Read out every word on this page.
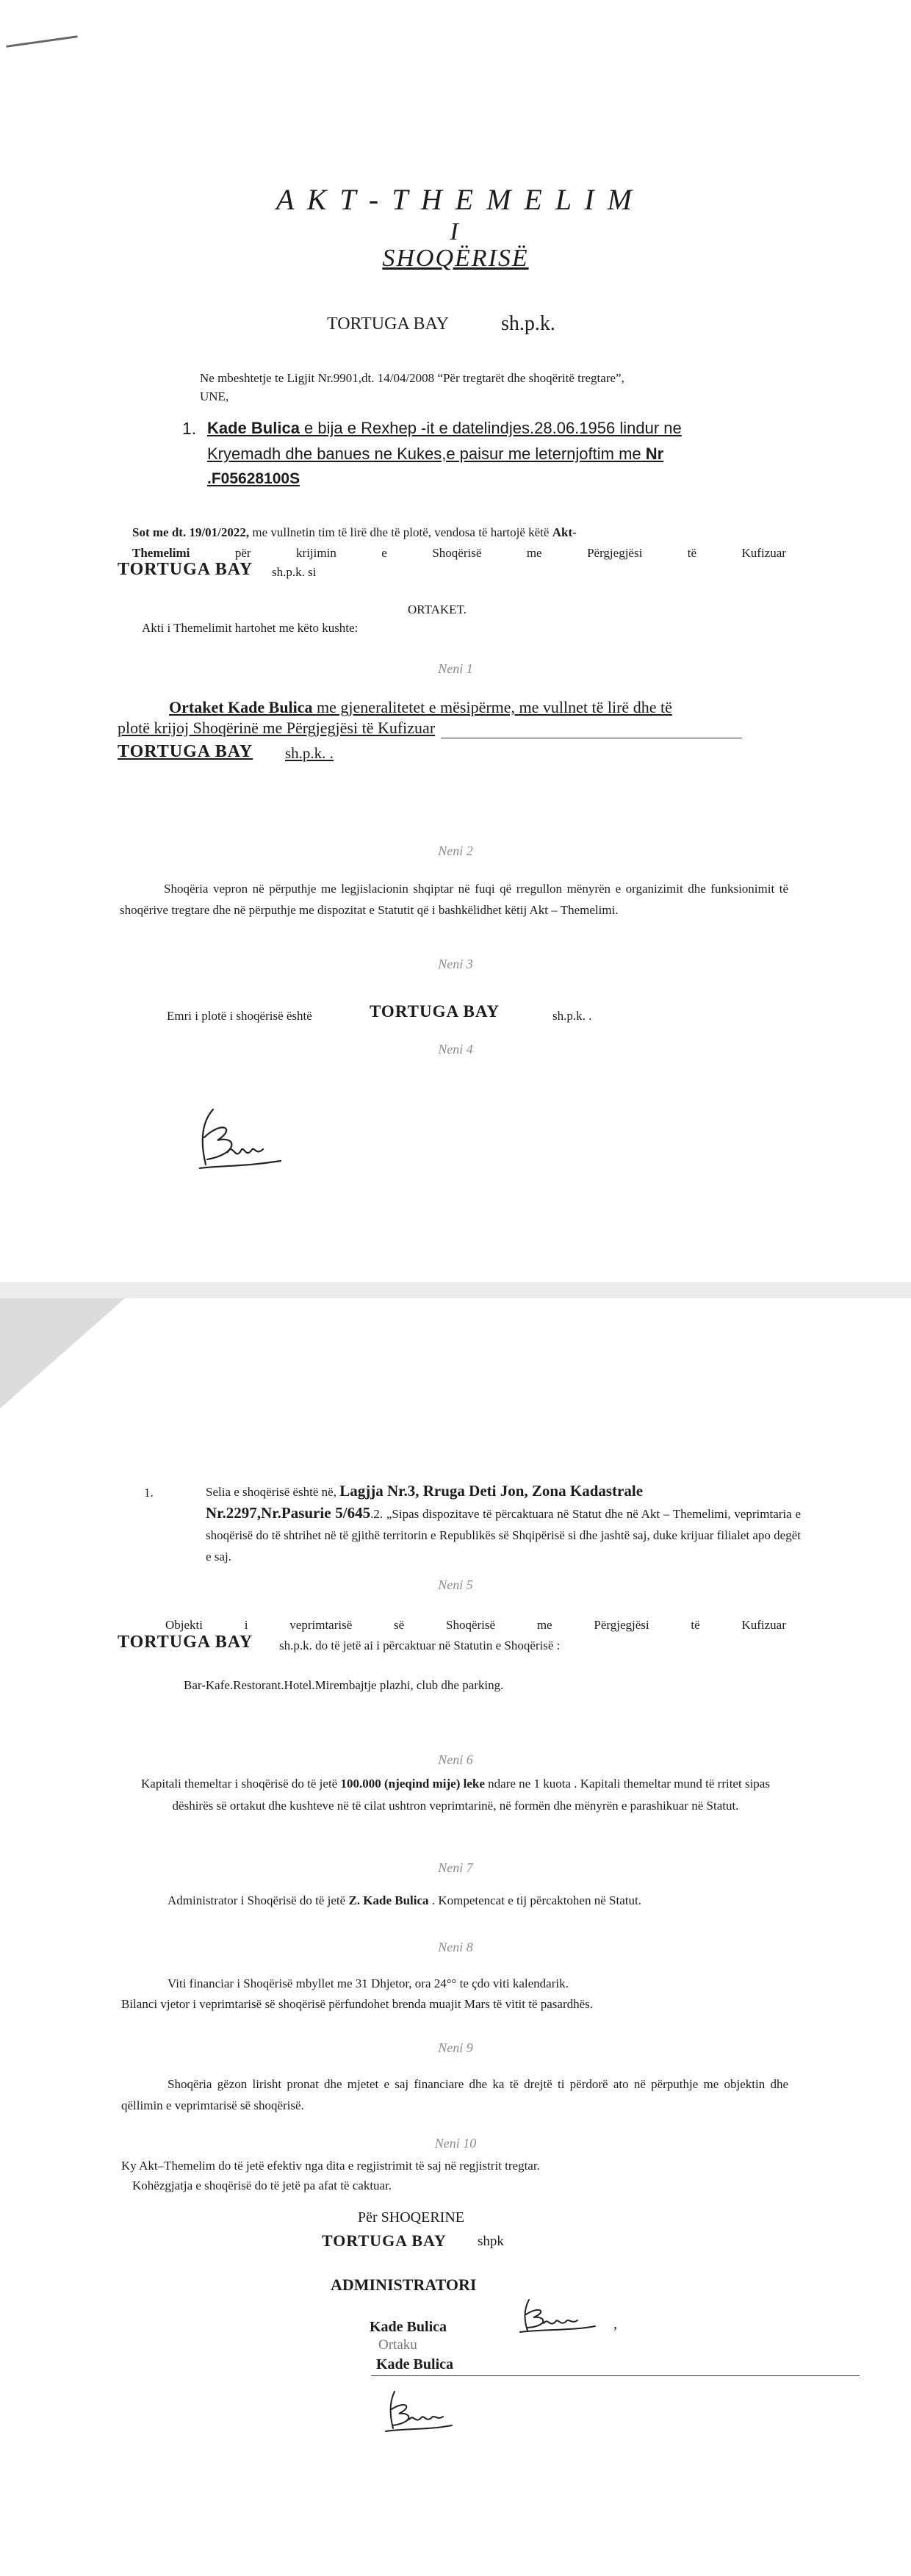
A K T - T H E M E L I M
I
SHOQËRISË
TORTUGA BAY	sh.p.k.
Ne mbeshtetje te Ligjit Nr.9901,dt. 14/04/2008 “Për tregtarët dhe shoqëritë tregtare”,
UNE,
1. Kade Bulica e bija e Rexhep -it e datelindjes.28.06.1956 lindur ne
Kryemadh dhe banues ne Kukes,e paisur me leternjoftim me Nr
.F05628100S
Sot me dt. 19/01/2022, me vullnetin tim të lirë dhe të plotë, vendosa të hartojë këtë Akt-
Themelimi	për	krijimin	e	Shoqërisë	me	Përgjegjësi	të	Kufizuar
TORTUGA BAY sh.p.k. si
ORTAKET.
Akti i Themelimit hartohet me këto kushte:
Neni 1
Ortaket Kade Bulica me gjeneralitetet e mësipërme, me vullnet të lirë dhe të
plotë krijoj Shoqërinë me Përgjegjësi të Kufizuar
TORTUGA BAY sh.p.k. .
Neni 2
Shoqëria vepron në përputhje me legjislacionin shqiptar në fuqi që rregullon mënyrën e organizimit dhe funksionimit të shoqërive tregtare dhe në përputhje me dispozitat e Statutit që i bashkëlidhet këtij Akt – Themelimi.
Neni 3
Emri i plotë i shoqërisë është	TORTUGA BAY	sh.p.k. .
Neni 4
1.	Selia e shoqërisë është në, Lagjja Nr.3, Rruga Deti Jon, Zona Kadastrale
Nr.2297,Nr.Pasurie 5/645.2. „Sipas dispozitave të përcaktuara në Statut dhe në Akt – Themelimi, veprimtaria e shoqërisë do të shtrihet në të gjithë territorin e Republikës së Shqipërisë si dhe jashtë saj, duke krijuar filialet apo degët e saj.
Neni 5
Objekti	i	veprimtarisë	së	Shoqërisë	me	Përgjegjësi	të	Kufizuar
TORTUGA BAY sh.p.k. do të jetë ai i përcaktuar në Statutin e Shoqërisë :
Bar-Kafe.Restorant.Hotel.Mirembajtje plazhi, club dhe parking.
Neni 6
Kapitali themeltar i shoqërisë do të jetë 100.000 (njeqind mije) leke ndare ne 1 kuota . Kapitali themeltar mund të rritet sipas dëshirës së ortakut dhe kushteve në të cilat ushtron veprimtarinë, në formën dhe mënyrën e parashikuar në Statut.
Neni 7
Administrator i Shoqërisë do të jetë Z. Kade Bulica . Kompetencat e tij përcaktohen në Statut.
Neni 8
Viti financiar i Shoqërisë mbyllet me 31 Dhjetor, ora 24°° te çdo viti kalendarik.
Bilanci vjetor i veprimtarisë së shoqërisë përfundohet brenda muajit Mars të vitit të pasardhës.
Neni 9
Shoqëria gëzon lirisht pronat dhe mjetet e saj financiare dhe ka të drejtë ti përdorë ato në përputhje me objektin dhe qëllimin e veprimtarisë së shoqërisë.
Neni 10
Ky Akt–Themelim do të jetë efektiv nga dita e regjistrimit të saj në regjistrit tregtar.
Kohëzgjatja e shoqërisë do të jetë pa afat të caktuar.
Për SHOQERINE
TORTUGA BAY shpk
ADMINISTRATORI
Kade Bulica	,
Ortaku
Kade Bulica
